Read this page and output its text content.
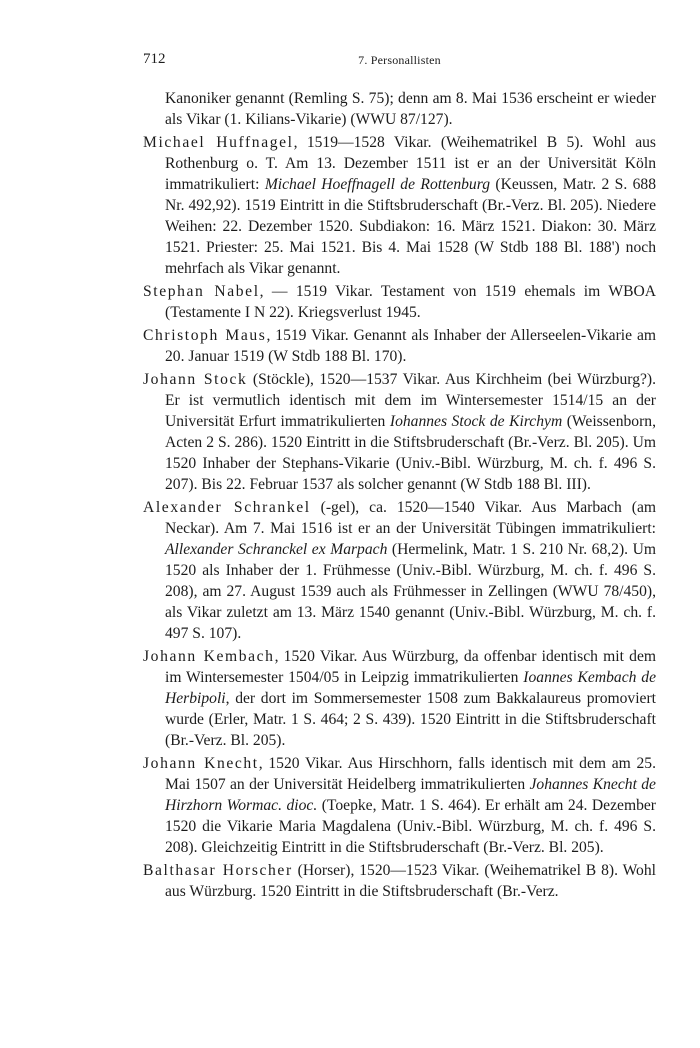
712	7. Personallisten

Kanoniker genannt (Remling S. 75); denn am 8. Mai 1536 erscheint er wieder als Vikar (1. Kilians-Vikarie) (WWU 87/127).

Michael Huffnagel, 1519—1528 Vikar. (Weihematrikel B 5). Wohl aus Rothenburg o. T. Am 13. Dezember 1511 ist er an der Universität Köln immatrikuliert: Michael Hoeffnagell de Rottenburg (Keussen, Matr. 2 S. 688 Nr. 492,92). 1519 Eintritt in die Stiftsbruderschaft (Br.-Verz. Bl. 205). Niedere Weihen: 22. Dezember 1520. Subdiakon: 16. März 1521. Diakon: 30. März 1521. Priester: 25. Mai 1521. Bis 4. Mai 1528 (W Stdb 188 Bl. 188') noch mehrfach als Vikar genannt.

Stephan Nabel, — 1519 Vikar. Testament von 1519 ehemals im WBOA (Testamente I N 22). Kriegsverlust 1945.

Christoph Maus, 1519 Vikar. Genannt als Inhaber der Allerseelen-Vikarie am 20. Januar 1519 (W Stdb 188 Bl. 170).

Johann Stock (Stöckle), 1520—1537 Vikar. Aus Kirchheim (bei Würzburg?). Er ist vermutlich identisch mit dem im Wintersemester 1514/15 an der Universität Erfurt immatrikulierten Iohannes Stock de Kirchym (Weissenborn, Acten 2 S. 286). 1520 Eintritt in die Stiftsbruderschaft (Br.-Verz. Bl. 205). Um 1520 Inhaber der Stephans-Vikarie (Univ.-Bibl. Würzburg, M. ch. f. 496 S. 207). Bis 22. Februar 1537 als solcher genannt (W Stdb 188 Bl. III).

Alexander Schrankel (-gel), ca. 1520—1540 Vikar. Aus Marbach (am Neckar). Am 7. Mai 1516 ist er an der Universität Tübingen immatrikuliert: Allexander Schranckel ex Marpach (Hermelink, Matr. 1 S. 210 Nr. 68,2). Um 1520 als Inhaber der 1. Frühmesse (Univ.-Bibl. Würzburg, M. ch. f. 496 S. 208), am 27. August 1539 auch als Frühmesser in Zellingen (WWU 78/450), als Vikar zuletzt am 13. März 1540 genannt (Univ.-Bibl. Würzburg, M. ch. f. 497 S. 107).

Johann Kembach, 1520 Vikar. Aus Würzburg, da offenbar identisch mit dem im Wintersemester 1504/05 in Leipzig immatrikulierten Ioannes Kembach de Herbipoli, der dort im Sommersemester 1508 zum Bakkalaureus promoviert wurde (Erler, Matr. 1 S. 464; 2 S. 439). 1520 Eintritt in die Stiftsbruderschaft (Br.-Verz. Bl. 205).

Johann Knecht, 1520 Vikar. Aus Hirschhorn, falls identisch mit dem am 25. Mai 1507 an der Universität Heidelberg immatrikulierten Johannes Knecht de Hirzhorn Wormac. dioc. (Toepke, Matr. 1 S. 464). Er erhält am 24. Dezember 1520 die Vikarie Maria Magdalena (Univ.-Bibl. Würzburg, M. ch. f. 496 S. 208). Gleichzeitig Eintritt in die Stiftsbruderschaft (Br.-Verz. Bl. 205).

Balthasar Horscher (Horser), 1520—1523 Vikar. (Weihematrikel B 8). Wohl aus Würzburg. 1520 Eintritt in die Stiftsbruderschaft (Br.-Verz.
